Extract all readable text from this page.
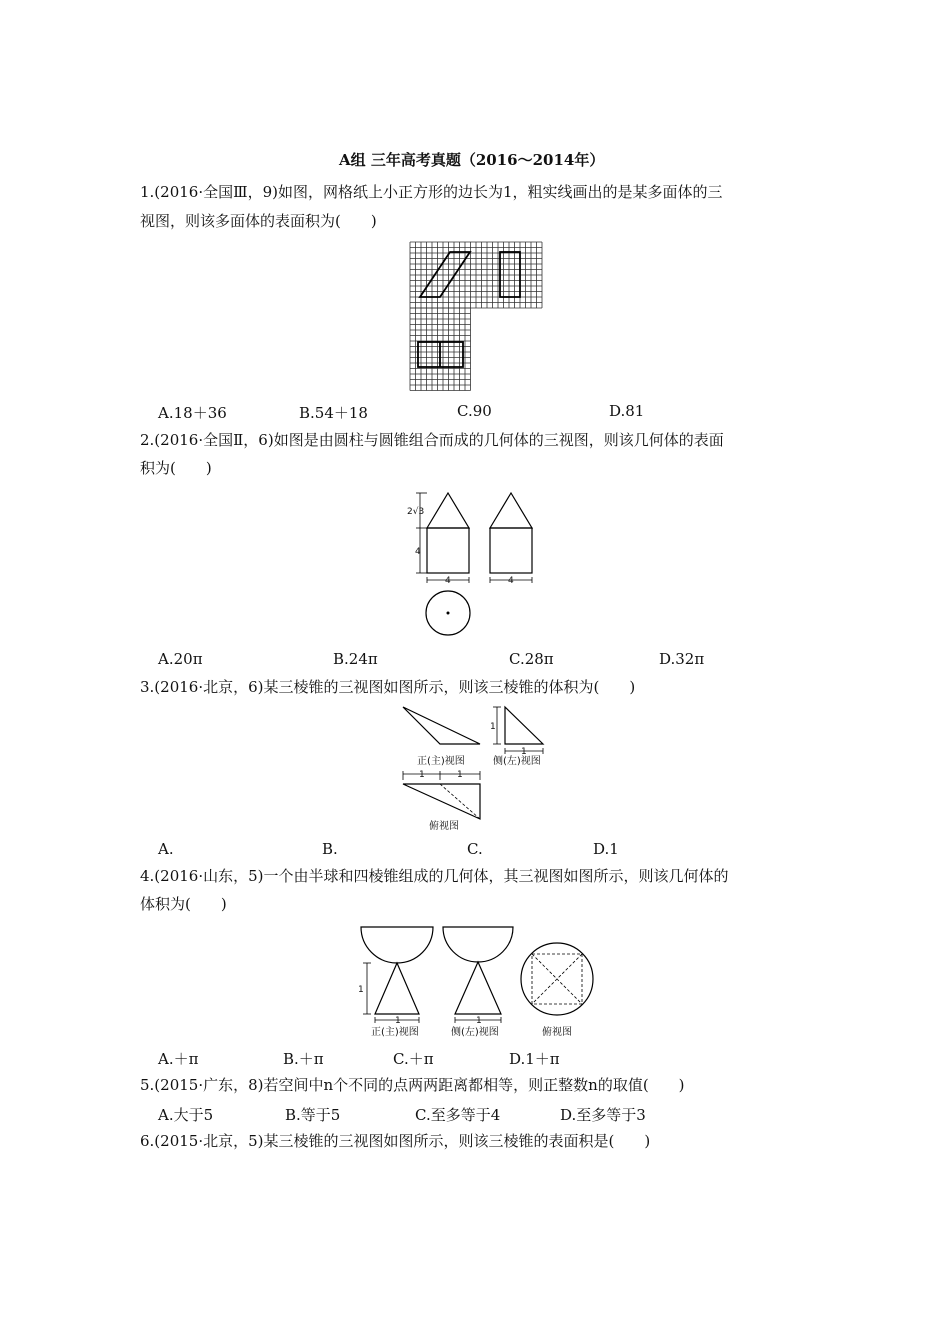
A组 三年高考真题（2016～2014年）
1.(2016·全国Ⅲ，9)如图，网格纸上小正方形的边长为1，粗实线画出的是某多面体的三
视图，则该多面体的表面积为(　　)
A.18＋36	B.54＋18	C.90	D.81
2.(2016·全国Ⅱ，6)如图是由圆柱与圆锥组合而成的几何体的三视图，则该几何体的表面
积为(　　)
2√3
4
4	4
A.20π	B.24π	C.28π	D.32π
3.(2016·北京，6)某三棱锥的三视图如图所示，则该三棱锥的体积为(　　)
1
1
1	1
正(主)视图	侧(左)视图
俯视图
A.	B.	C.	D.1
4.(2016·山东，5)一个由半球和四棱锥组成的几何体，其三视图如图所示，则该几何体的
体积为(　　)
1
1	1
正(主)视图	侧(左)视图	俯视图
A.＋π	B.＋π	C.＋π	D.1＋π
5.(2015·广东，8)若空间中n个不同的点两两距离都相等，则正整数n的取值(　　)
A.大于5	B.等于5	C.至多等于4	D.至多等于3
6.(2015·北京，5)某三棱锥的三视图如图所示，则该三棱锥的表面积是(　　)
